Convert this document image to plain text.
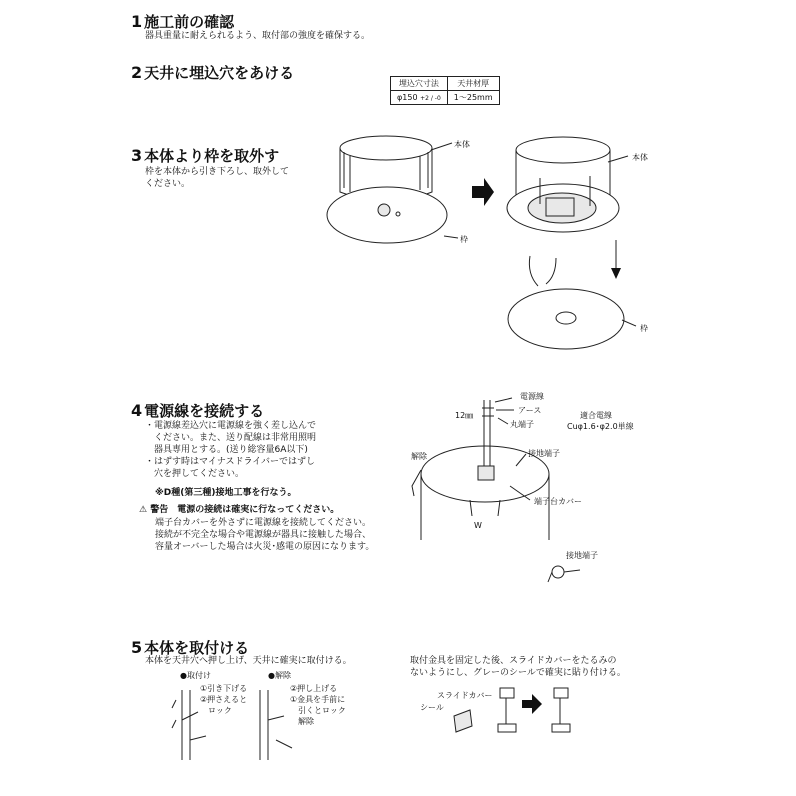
1 施工前の確認
器具重量に耐えられるよう、取付部の強度を確保する。
2 天井に埋込穴をあける
埋込穴寸法	天井材厚
φ150 +2 / -0	1～25mm
3 本体より枠を取外す
枠を本体から引き下ろし、取外して
ください。
本体
本体
枠
枠
4 電源線を接続する
・電源線差込穴に電源線を強く差し込んで
　ください。また、送り配線は非常用照明
　器具専用とする。(送り総容量6A以下)
・はずす時はマイナスドライバーではずし
　穴を押してください。
※D種(第三種)接地工事を行なう。
⚠ 警告　電源の接続は確実に行なってください。
端子台カバーを外さずに電源線を接続してください。
接続が不完全な場合や電源線が器具に接触した場合、
容量オーバーした場合は火災･感電の原因になります。
電源線
アース
丸端子
12㎜	適合電線
Cuφ1.6･φ2.0単線
解除	接地端子
端子台カバー
W
接地端子
5 本体を取付ける
本体を天井穴へ押し上げ、天井に確実に取付ける。
●取付け
①引き下げる
②押さえると
　ロック
●解除
②押し上げる
①金具を手前に
　引くとロック
　解除
取付金具を固定した後、スライドカバーをたるみの
ないようにし、グレーのシールで確実に貼り付ける。
スライドカバー
シール
